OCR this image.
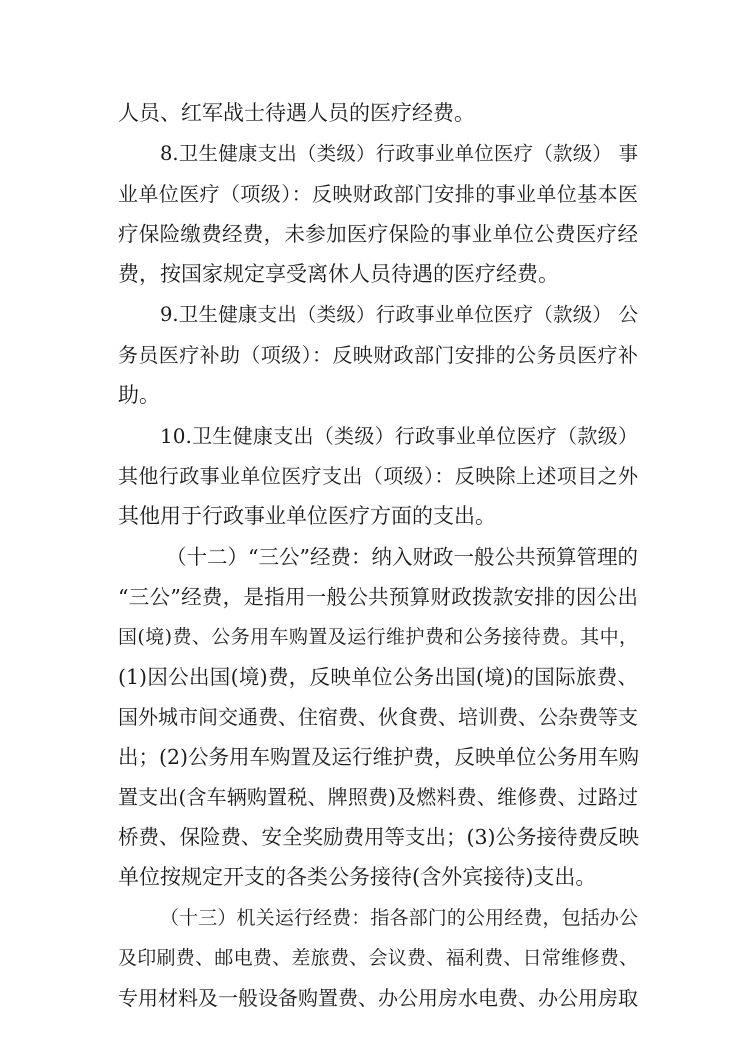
人员、红军战士待遇人员的医疗经费。
8.卫生健康支出（类级）行政事业单位医疗（款级） 事
业单位医疗（项级）：反映财政部门安排的事业单位基本医
疗保险缴费经费，未参加医疗保险的事业单位公费医疗经
费，按国家规定享受离休人员待遇的医疗经费。
9.卫生健康支出（类级）行政事业单位医疗（款级） 公
务员医疗补助（项级）：反映财政部门安排的公务员医疗补
助。
10.卫生健康支出（类级）行政事业单位医疗（款级）
其他行政事业单位医疗支出（项级）：反映除上述项目之外
其他用于行政事业单位医疗方面的支出。
（十二）“三公”经费：纳入财政一般公共预算管理的
“三公”经费，是指用一般公共预算财政拨款安排的因公出
国(境)费、公务用车购置及运行维护费和公务接待费。其中，
(1)因公出国(境)费，反映单位公务出国(境)的国际旅费、
国外城市间交通费、住宿费、伙食费、培训费、公杂费等支
出；(2)公务用车购置及运行维护费，反映单位公务用车购
置支出(含车辆购置税、牌照费)及燃料费、维修费、过路过
桥费、保险费、安全奖励费用等支出；(3)公务接待费反映
单位按规定开支的各类公务接待(含外宾接待)支出。
（十三）机关运行经费：指各部门的公用经费，包括办公
及印刷费、邮电费、差旅费、会议费、福利费、日常维修费、
专用材料及一般设备购置费、办公用房水电费、办公用房取
